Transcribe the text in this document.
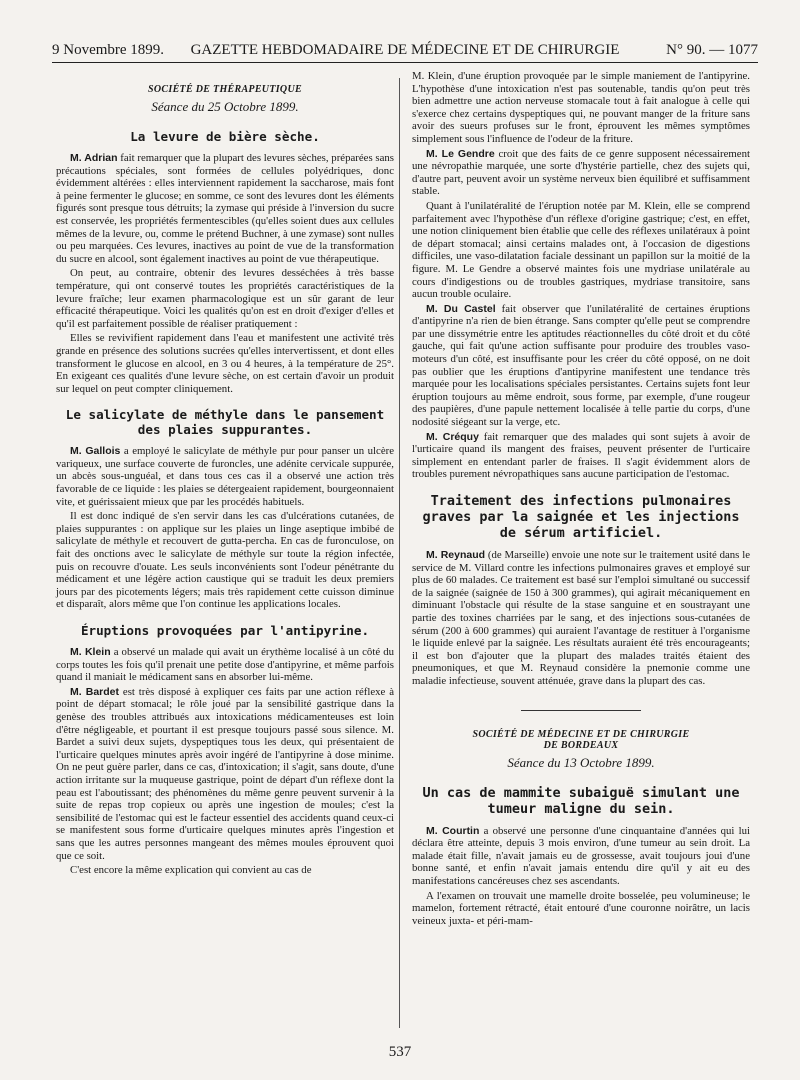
9 Novembre 1899.	GAZETTE HEBDOMADAIRE DE MÉDECINE ET DE CHIRURGIE	N° 90. — 1077
SOCIÉTÉ DE THÉRAPEUTIQUE
Séance du 25 Octobre 1899.
La levure de bière sèche.

M. Adrian fait remarquer que la plupart des levures sèches, préparées sans précautions spéciales, sont formées de cellules polyédriques, donc évidemment altérées : elles interviennent rapidement la saccharose, mais font à peine fermenter le glucose; en somme, ce sont des levures dont les éléments figurés sont presque tous détruits; la zymase qui préside à l'inversion du sucre est conservée, les propriétés fermentescibles (qu'elles soient dues aux cellules mêmes de la levure, ou, comme le prétend Buchner, à une zymase) sont nulles ou peu marquées. Ces levures, inactives au point de vue de la transformation du sucre en alcool, sont également inactives au point de vue thérapeutique.

On peut, au contraire, obtenir des levures desséchées à très basse température, qui ont conservé toutes les propriétés caractéristiques de la levure fraîche; leur examen pharmacologique est un sûr garant de leur efficacité thérapeutique. Voici les qualités qu'on est en droit d'exiger d'elles et qu'il est parfaitement possible de réaliser pratiquement :

Elles se revivifient rapidement dans l'eau et manifestent une activité très grande en présence des solutions sucrées qu'elles intervertissent, et dont elles transforment le glucose en alcool, en 3 ou 4 heures, à la température de 25°. En exigeant ces qualités d'une levure sèche, on est certain d'avoir un produit sur lequel on peut compter cliniquement.

Le salicylate de méthyle dans le pansement des plaies suppurantes.

M. Gallois a employé le salicylate de méthyle pur pour panser un ulcère variqueux, une surface couverte de furoncles, une adénite cervicale suppurée, un abcès sous-unguéal, et dans tous ces cas il a observé une action très favorable de ce liquide : les plaies se détergeaient rapidement, bourgeonnaient vite, et guérissaient mieux que par les procédés habituels.

Il est donc indiqué de s'en servir dans les cas d'ulcérations cutanées, de plaies suppurantes : on applique sur les plaies un linge aseptique imbibé de salicylate de méthyle et recouvert de gutta-percha. En cas de furonculose, on fait des onctions avec le salicylate de méthyle sur toute la région infectée, puis on recouvre d'ouate. Les seuls inconvénients sont l'odeur pénétrante du médicament et une légère action caustique qui se traduit les deux premiers jours par des picotements légers; mais très rapidement cette cuisson diminue et disparaît, alors même que l'on continue les applications locales.

Éruptions provoquées par l'antipyrine.

M. Klein a observé un malade qui avait un érythème localisé à un côté du corps toutes les fois qu'il prenait une petite dose d'antipyrine, et même parfois quand il maniait le médicament sans en absorber lui-même.

M. Bardet est très disposé à expliquer ces faits par une action réflexe à point de départ stomacal; le rôle joué par la sensibilité gastrique dans la genèse des troubles attribués aux intoxications médicamenteuses est loin d'être négligeable, et pourtant il est presque toujours passé sous silence. M. Bardet a suivi deux sujets, dyspeptiques tous les deux, qui présentaient de l'urticaire quelques minutes après avoir ingéré de l'antipyrine à dose minime. On ne peut guère parler, dans ce cas, d'intoxication; il s'agit, sans doute, d'une action irritante sur la muqueuse gastrique, point de départ d'un réflexe dont la peau est l'aboutissant; des phénomènes du même genre peuvent survenir à la suite de repas trop copieux ou après une ingestion de moules; c'est la sensibilité de l'estomac qui est le facteur essentiel des accidents quand ceux-ci se manifestent sous forme d'urticaire quelques minutes après l'ingestion et sans que les autres personnes mangeant des mêmes moules éprouvent quoi que ce soit.

C'est encore la même explication qui convient au cas de

M. Klein, d'une éruption provoquée par le simple maniement de l'antipyrine. L'hypothèse d'une intoxication n'est pas soutenable, tandis qu'on peut très bien admettre une action nerveuse stomacale tout à fait analogue à celle qui s'exerce chez certains dyspeptiques qui, ne pouvant manger de la friture sans avoir des sueurs profuses sur le front, éprouvent les mêmes symptômes simplement sous l'influence de l'odeur de la friture.

M. Le Gendre croit que des faits de ce genre supposent nécessairement une névropathie marquée, une sorte d'hystérie partielle, chez des sujets qui, d'autre part, peuvent avoir un système nerveux bien équilibré et suffisamment stable.

Quant à l'unilatéralité de l'éruption notée par M. Klein, elle se comprend parfaitement avec l'hypothèse d'un réflexe d'origine gastrique; c'est, en effet, une notion cliniquement bien établie que celle des réflexes unilatéraux à point de départ stomacal; ainsi certains malades ont, à l'occasion de digestions difficiles, une vaso-dilatation faciale dessinant un papillon sur la moitié de la figure. M. Le Gendre a observé maintes fois une mydriase unilatérale au cours d'indigestions ou de troubles gastriques, mydriase transitoire, sans aucun trouble oculaire.

M. Du Castel fait observer que l'unilatéralité de certaines éruptions d'antipyrine n'a rien de bien étrange. Sans compter qu'elle peut se comprendre par une dissymétrie entre les aptitudes réactionnelles du côté droit et du côté gauche, qui fait qu'une action suffisante pour produire des troubles vaso-moteurs d'un côté, est insuffisante pour les créer du côté opposé, on ne doit pas oublier que les éruptions d'antipyrine manifestent une tendance très marquée pour les localisations spéciales persistantes. Certains sujets font leur éruption toujours au même endroit, sous forme, par exemple, d'une rougeur des paupières, d'une papule nettement localisée à telle partie du corps, d'une nodosité siégeant sur la verge, etc.

M. Créquy fait remarquer que des malades qui sont sujets à avoir de l'urticaire quand ils mangent des fraises, peuvent présenter de l'urticaire simplement en entendant parler de fraises. Il s'agit évidemment alors de troubles purement névropathiques sans aucune participation de l'estomac.

Traitement des infections pulmonaires graves par la saignée et les injections de sérum artificiel.

M. Reynaud (de Marseille) envoie une note sur le traitement usité dans le service de M. Villard contre les infections pulmonaires graves et employé sur plus de 60 malades. Ce traitement est basé sur l'emploi simultané ou successif de la saignée (saignée de 150 à 300 grammes), qui agirait mécaniquement en diminuant l'obstacle qui résulte de la stase sanguine et en soustrayant une partie des toxines charriées par le sang, et des injections sous-cutanées de sérum (200 à 600 grammes) qui auraient l'avantage de restituer à l'organisme le liquide enlevé par la saignée. Les résultats auraient été très encourageants; il est bon d'ajouter que la plupart des malades traités étaient des pneumoniques, et que M. Reynaud considère la pnemonie comme une maladie infectieuse, souvent atténuée, grave dans la plupart des cas.

SOCIÉTÉ DE MÉDECINE ET DE CHIRURGIE
DE BORDEAUX
Séance du 13 Octobre 1899.
Un cas de mammite subaiguë simulant une tumeur maligne du sein.

M. Courtin a observé une personne d'une cinquantaine d'années qui lui déclara être atteinte, depuis 3 mois environ, d'une tumeur au sein droit. La malade était fille, n'avait jamais eu de grossesse, avait toujours joui d'une bonne santé, et enfin n'avait jamais entendu dire qu'il y ait eu des manifestations cancéreuses chez ses ascendants.

A l'examen on trouvait une mamelle droite bosselée, peu volumineuse; le mamelon, fortement rétracté, était entouré d'une couronne noirâtre, un lacis veineux juxta- et péri-mam-

537
